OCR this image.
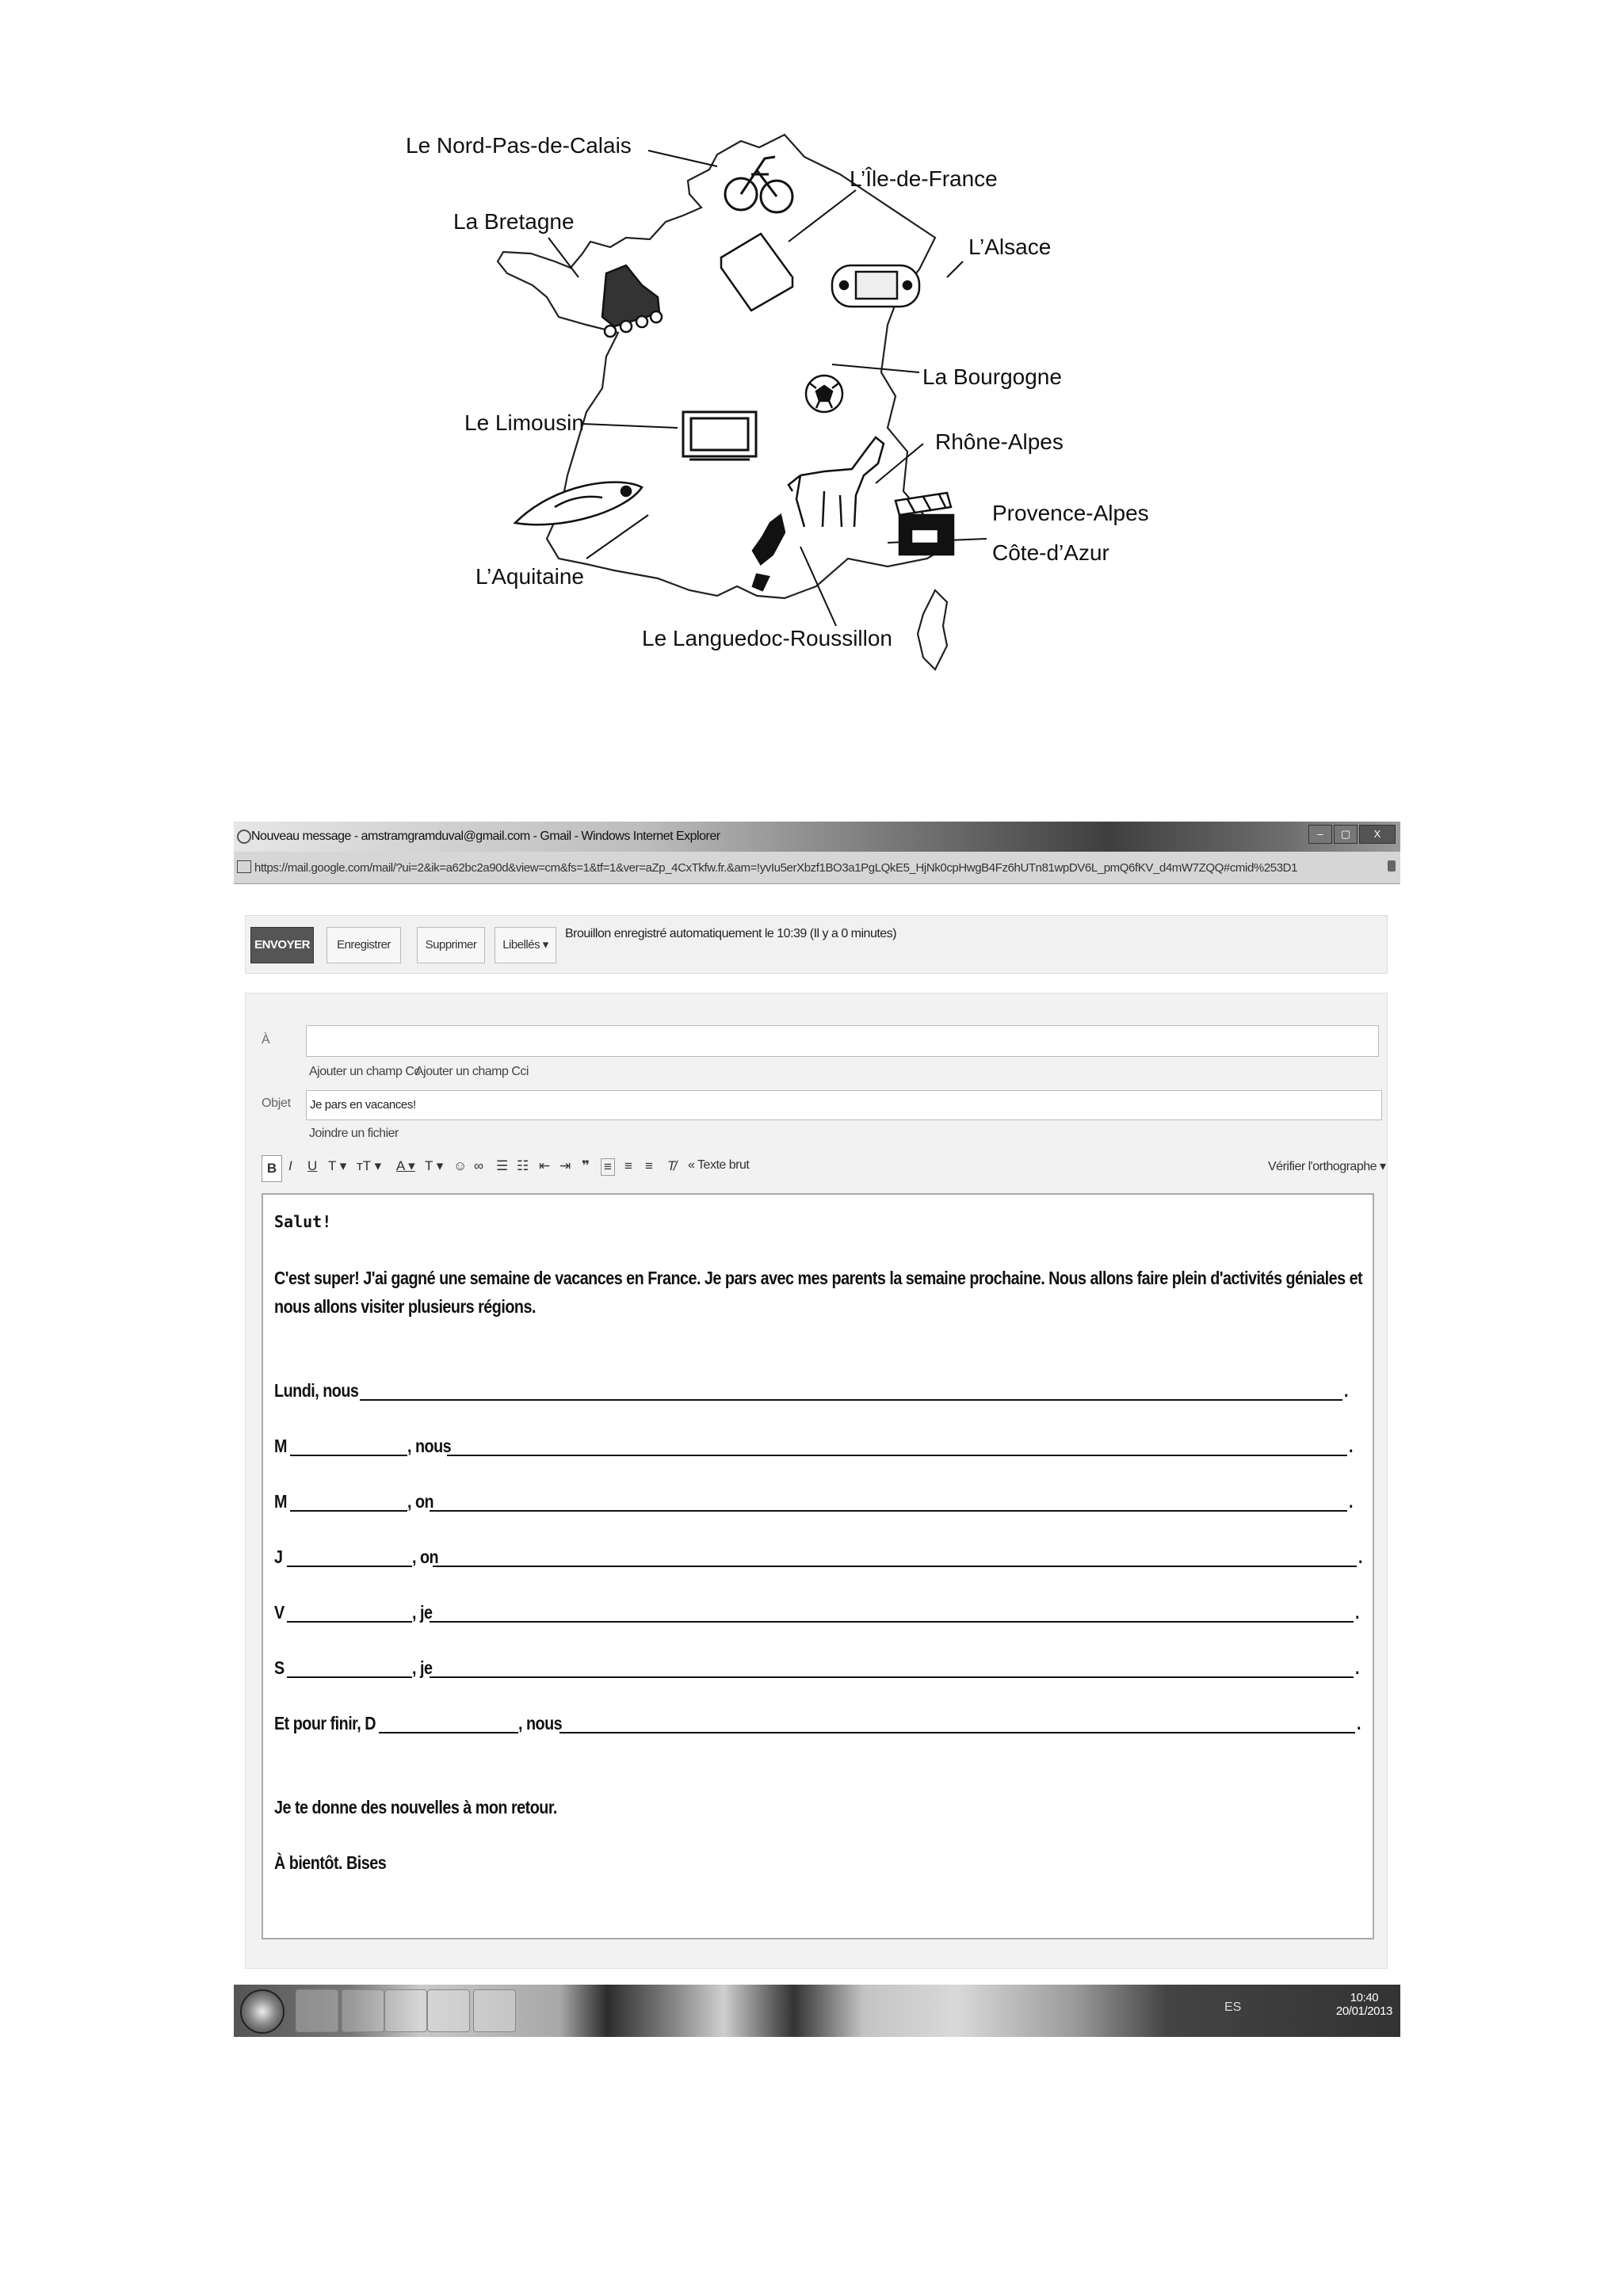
Le Nord-Pas-de-Calais
L’Île-de-France
La Bretagne
L’Alsace
La Bourgogne
Le Limousin
Rhône-Alpes
Provence-Alpes
Côte-d’Azur
L’Aquitaine
Le Languedoc-Roussillon
Nouveau message - amstramgramduval@gmail.com - Gmail - Windows Internet Explorer	–	▢	X
https://mail.google.com/mail/?ui=2&ik=a62bc2a90d&view=cm&fs=1&tf=1&ver=aZp_4CxTkfw.fr.&am=!yvIu5erXbzf1BO3a1PgLQkE5_HjNk0cpHwgB4Fz6hUTn81wpDV6L_pmQ6fKV_d4mW7ZQQ#cmid%253D1
ENVOYER	Enregistrer	Supprimer	Libellés ▾
Brouillon enregistré automatiquement le 10:39 (Il y a 0 minutes)
À
Ajouter un champ Cc
Ajouter un champ Cci
Objet	Je pars en vacances!
Joindre un fichier
B I U T ▾ тT ▾ A ▾ T ▾ ☺ ∞ ☰ ☷ ⇤ ⇥ ❞ ≡ ≡ ≡ T̸ « Texte brut	Vérifier l'orthographe ▾
Salut!
C'est super! J'ai gagné une semaine de vacances en France. Je pars avec mes parents la semaine prochaine. Nous allons faire plein d'activités géniales et
nous allons visiter plusieurs régions.
Lundi, nous	.
M	, nous	.
M	, on	.
J	, on	.
V	, je	.
S	, je	.
Et pour finir, D	, nous	.
Je te donne des nouvelles à mon retour.
À bientôt. Bises
ES
10:40
20/01/2013
